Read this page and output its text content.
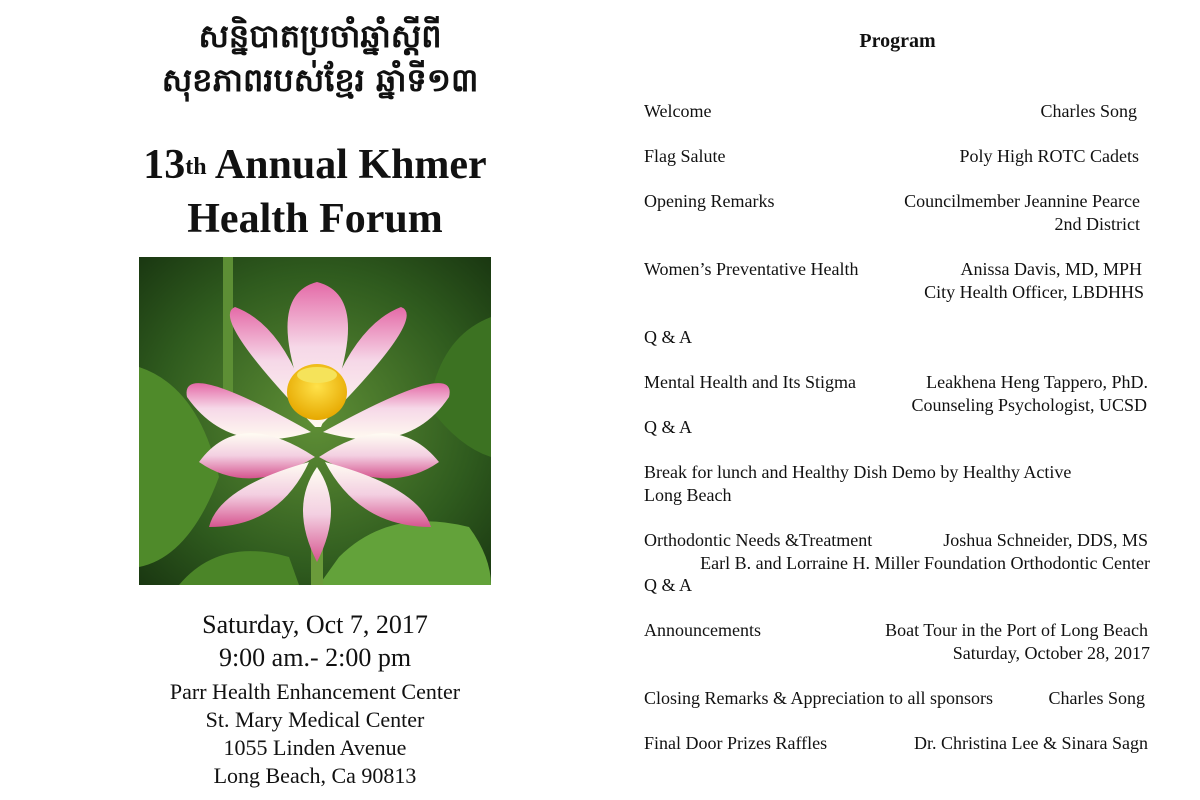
សន្និបាតប្រចាំឆ្នាំស្តីពី
សុខភាពរបស់ខ្មែរ ឆ្នាំទី១៣
13th Annual Khmer
Health Forum
Saturday, Oct 7, 2017
9:00 am.- 2:00 pm
Parr Health Enhancement Center
St. Mary Medical Center
1055 Linden Avenue
Long Beach, Ca 90813
Program
Welcome	Charles Song
Flag Salute	Poly High ROTC Cadets
Opening Remarks	Councilmember Jeannine Pearce
2nd District
Women’s Preventative Health	Anissa Davis, MD, MPH
City Health Officer, LBDHHS
Q & A
Mental Health and Its Stigma	Leakhena Heng Tappero, PhD.
Counseling Psychologist, UCSD
Q & A
Break for lunch and Healthy Dish Demo by Healthy Active
Long Beach
Orthodontic Needs &Treatment	Joshua Schneider, DDS, MS
Earl B. and Lorraine H. Miller Foundation Orthodontic Center
Q & A
Announcements	Boat Tour in the Port of Long Beach
Saturday, October 28, 2017
Closing Remarks & Appreciation to all sponsors	Charles Song
Final Door Prizes Raffles	Dr. Christina Lee & Sinara Sagn
